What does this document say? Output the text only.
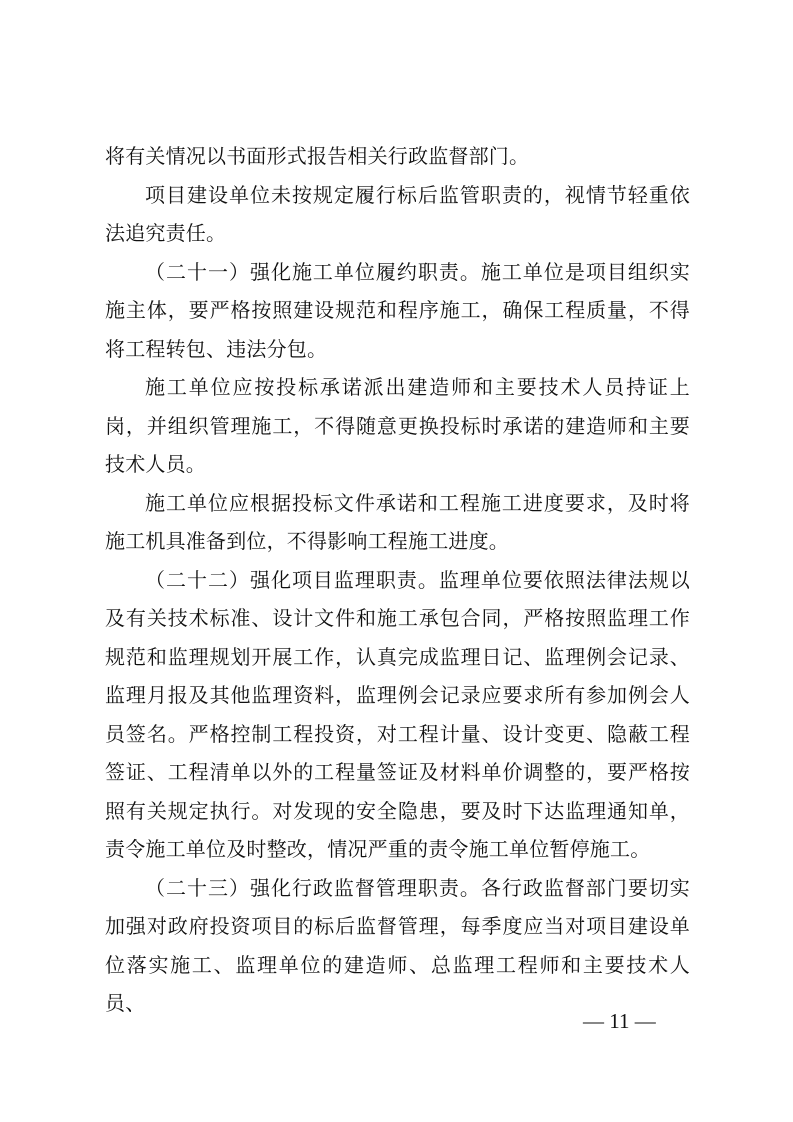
将有关情况以书面形式报告相关行政监督部门。

项目建设单位未按规定履行标后监管职责的，视情节轻重依法追究责任。

（二十一）强化施工单位履约职责。施工单位是项目组织实施主体，要严格按照建设规范和程序施工，确保工程质量，不得将工程转包、违法分包。

施工单位应按投标承诺派出建造师和主要技术人员持证上岗，并组织管理施工，不得随意更换投标时承诺的建造师和主要技术人员。

施工单位应根据投标文件承诺和工程施工进度要求，及时将施工机具准备到位，不得影响工程施工进度。

（二十二）强化项目监理职责。监理单位要依照法律法规以及有关技术标准、设计文件和施工承包合同，严格按照监理工作规范和监理规划开展工作，认真完成监理日记、监理例会记录、监理月报及其他监理资料，监理例会记录应要求所有参加例会人员签名。严格控制工程投资，对工程计量、设计变更、隐蔽工程签证、工程清单以外的工程量签证及材料单价调整的，要严格按照有关规定执行。对发现的安全隐患，要及时下达监理通知单，责令施工单位及时整改，情况严重的责令施工单位暂停施工。

（二十三）强化行政监督管理职责。各行政监督部门要切实加强对政府投资项目的标后监督管理，每季度应当对项目建设单位落实施工、监理单位的建造师、总监理工程师和主要技术人员、

— 11 —
